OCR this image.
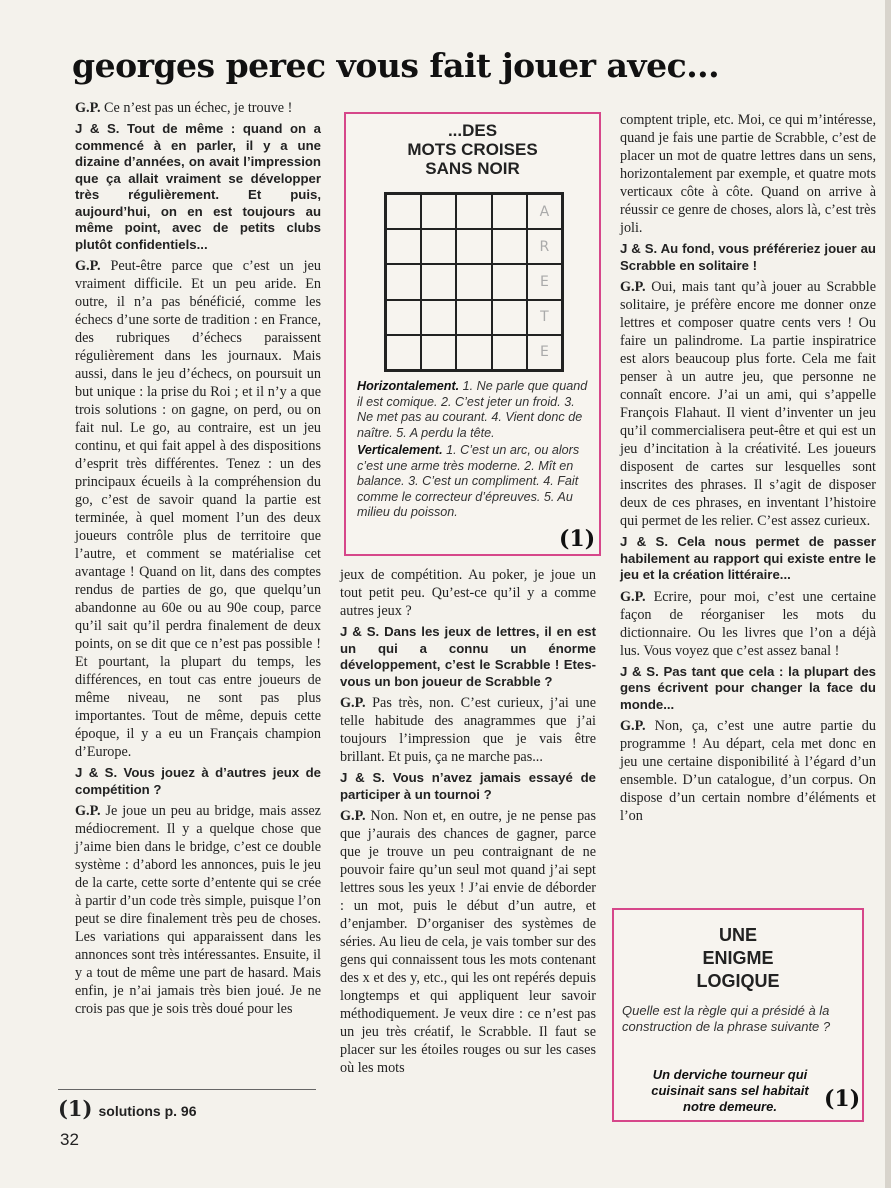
georges perec vous fait jouer avec...

G.P. Ce n’est pas un échec, je trouve !

J & S. Tout de même : quand on a commencé à en parler, il y a une dizaine d’années, on avait l’impression que ça allait vraiment se développer très régulièrement. Et puis, aujourd’hui, on en est toujours au même point, avec de petits clubs plutôt confidentiels...

G.P. Peut-être parce que c’est un jeu vraiment difficile. Et un peu aride. En outre, il n’a pas bénéficié, comme les échecs d’une sorte de tradition : en France, des rubriques d’échecs paraissent régulièrement dans les journaux. Mais aussi, dans le jeu d’échecs, on poursuit un but unique : la prise du Roi ; et il n’y a que trois solutions : on gagne, on perd, ou on fait nul. Le go, au contraire, est un jeu continu, et qui fait appel à des dispositions d’esprit très différentes. Tenez : un des principaux écueils à la compréhension du go, c’est de savoir quand la partie est terminée, à quel moment l’un des deux joueurs contrôle plus de territoire que l’autre, et comment se matérialise cet avantage ! Quand on lit, dans des comptes rendus de parties de go, que quelqu’un abandonne au 60e ou au 90e coup, parce qu’il sait qu’il perdra finalement de deux points, on se dit que ce n’est pas possible ! Et pourtant, la plupart du temps, les différences, en tout cas entre joueurs de même niveau, ne sont pas plus importantes. Tout de même, depuis cette époque, il y a eu un Français champion d’Europe.

J & S. Vous jouez à d’autres jeux de compétition ?

G.P. Je joue un peu au bridge, mais assez médiocrement. Il y a quelque chose que j’aime bien dans le bridge, c’est ce double système : d’abord les annonces, puis le jeu de la carte, cette sorte d’entente qui se crée à partir d’un code très simple, puisque l’on peut se dire finalement très peu de choses. Les variations qui apparaissent dans les annonces sont très intéressantes. Ensuite, il y a tout de même une part de hasard. Mais enfin, je n’ai jamais très bien joué. Je ne crois pas que je sois très doué pour les

jeux de compétition. Au poker, je joue un tout petit peu. Qu’est-ce qu’il y a comme autres jeux ?

J & S. Dans les jeux de lettres, il en est un qui a connu un énorme développement, c’est le Scrabble ! Etes-vous un bon joueur de Scrabble ?

G.P. Pas très, non. C’est curieux, j’ai une telle habitude des anagrammes que j’ai toujours l’impression que je vais être brillant. Et puis, ça ne marche pas...

J & S. Vous n’avez jamais essayé de participer à un tournoi ?

G.P. Non. Non et, en outre, je ne pense pas que j’aurais des chances de gagner, parce que je trouve un peu contraignant de ne pouvoir faire qu’un seul mot quand j’ai sept lettres sous les yeux ! J’ai envie de déborder : un mot, puis le début d’un autre, et d’enjamber. D’organiser des systèmes de séries. Au lieu de cela, je vais tomber sur des gens qui connaissent tous les mots contenant des x et des y, etc., qui les ont repérés depuis longtemps et qui appliquent leur savoir méthodiquement. Je veux dire : ce n’est pas un jeu très créatif, le Scrabble. Il faut se placer sur les étoiles rouges ou sur les cases où les mots

comptent triple, etc. Moi, ce qui m’intéresse, quand je fais une partie de Scrabble, c’est de placer un mot de quatre lettres dans un sens, horizontalement par exemple, et quatre mots verticaux côte à côte. Quand on arrive à réussir ce genre de choses, alors là, c’est très joli.

J & S. Au fond, vous préféreriez jouer au Scrabble en solitaire !

G.P. Oui, mais tant qu’à jouer au Scrabble solitaire, je préfère encore me donner onze lettres et composer quatre cents vers ! Ou faire un palindrome. La partie inspiratrice est alors beaucoup plus forte. Cela me fait penser à un autre jeu, que personne ne connaît encore. J’ai un ami, qui s’appelle François Flahaut. Il vient d’inventer un jeu qu’il commercialisera peut-être et qui est un jeu d’incitation à la créativité. Les joueurs disposent de cartes sur lesquelles sont inscrites des phrases. Il s’agit de disposer deux de ces phrases, en inventant l’histoire qui permet de les relier. C’est assez curieux.

J & S. Cela nous permet de passer habilement au rapport qui existe entre le jeu et la création littéraire...

G.P. Ecrire, pour moi, c’est une certaine façon de réorganiser les mots du dictionnaire. Ou les livres que l’on a déjà lus. Vous voyez que c’est assez banal !

J & S. Pas tant que cela : la plupart des gens écrivent pour changer la face du monde...

G.P. Non, ça, c’est une autre partie du programme ! Au départ, cela met donc en jeu une certaine disponibilité à l’égard d’un ensemble. D’un catalogue, d’un corpus. On dispose d’un certain nombre d’éléments et l’on

...DES
MOTS CROISES
SANS NOIR
A
R
E
T
E

Horizontalement. 1. Ne parle que quand il est comique. 2. C’est jeter un froid. 3. Ne met pas au courant. 4. Vient donc de naître. 5. A perdu la tête.

Verticalement. 1. C’est un arc, ou alors c’est une arme très moderne. 2. Mît en balance. 3. C’est un compliment. 4. Fait comme le correcteur d’épreuves. 5. Au milieu du poisson.

(1)
UNE
ENIGME
LOGIQUE
Quelle est la règle qui a présidé à la construction de la phrase suivante ?
Un derviche tourneur qui cuisinait sans sel habitait notre demeure.	(1)
(1) solutions p. 96
32
